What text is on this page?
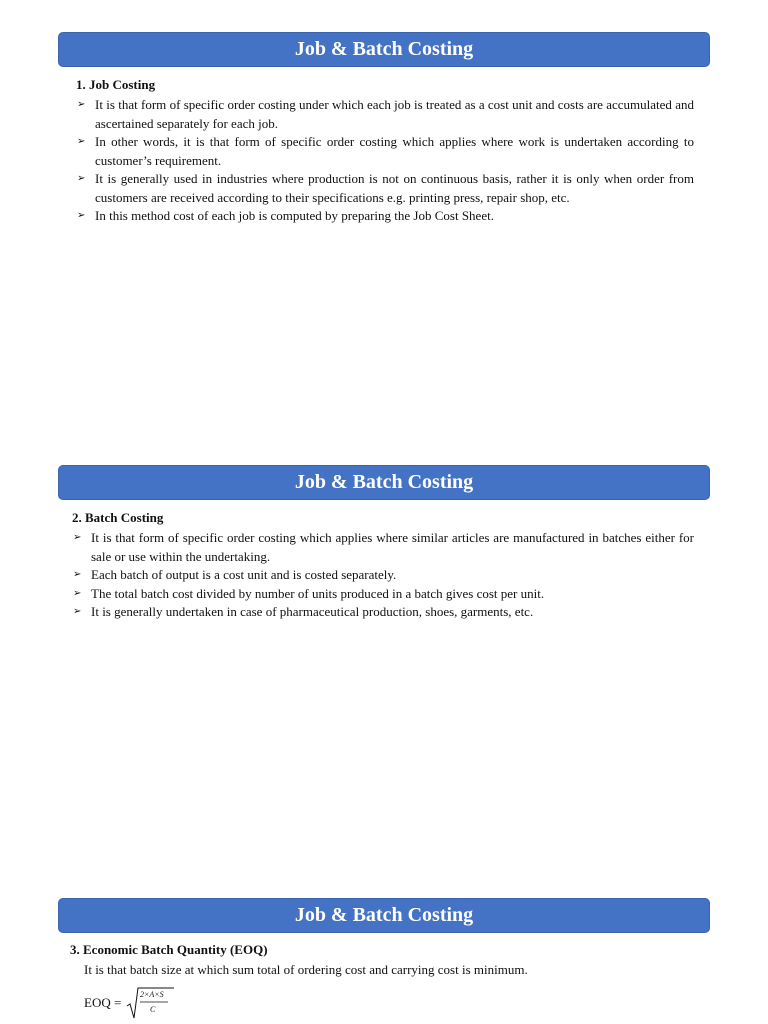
Job & Batch Costing
1. Job Costing
➢ It is that form of specific order costing under which each job is treated as a cost unit and costs are accumulated and ascertained separately for each job.
➢ In other words, it is that form of specific order costing which applies where work is undertaken according to customer’s requirement.
➢ It is generally used in industries where production is not on continuous basis, rather it is only when order from customers are received according to their specifications e.g. printing press, repair shop, etc.
➢ In this method cost of each job is computed by preparing the Job Cost Sheet.
Job & Batch Costing
2. Batch Costing
➢ It is that form of specific order costing which applies where similar articles are manufactured in batches either for sale or use within the undertaking.
➢ Each batch of output is a cost unit and is costed separately.
➢ The total batch cost divided by number of units produced in a batch gives cost per unit.
➢ It is generally undertaken in case of pharmaceutical production, shoes, garments, etc.
Job & Batch Costing
3. Economic Batch Quantity (EOQ)
It is that batch size at which sum total of ordering cost and carrying cost is minimum.
EOQ =
2×A×S
C
